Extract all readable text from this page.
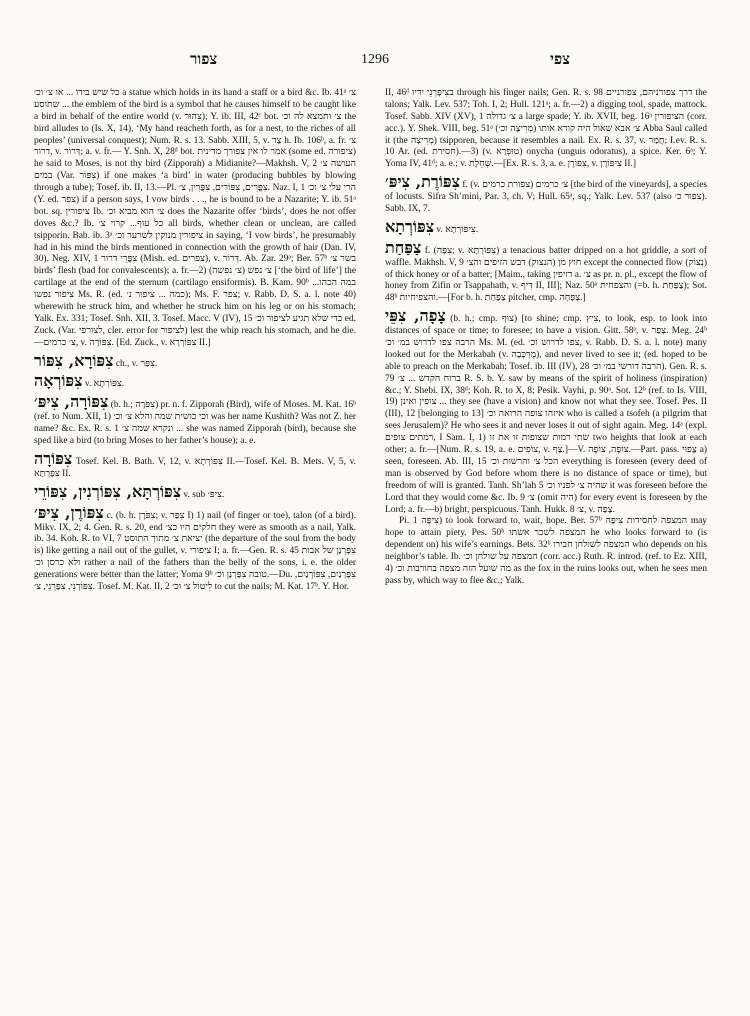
צפור	1296	צפי

כל שיש בידו ... או צ׳ וכ׳ a statue which holds in its hand a staff or a bird &c. Ib. 41ᵃ צ׳ שתוסע ... the emblem of the bird is a symbol that he causes himself to be caught like a bird in behalf of the entire world (v. צֵהוּר); Y. ib. III, 42ᶜ bot. צ׳ ותמצא לה וכ׳ the bird alludes to (Is. X, 14), ‘My hand reacheth forth, as for a nest, to the riches of all peoples’ (universal conquest); Num. R. s. 13. Sabb. XIII, 5, v. צַד h. Ib. 106ᵇ, a. fr. צ׳ דרור, v. דְּרוֹר; a. v. fr.— Y. Snh. X, 28ᵈ bot. אמר לו אין צפורך מדינית (some ed. ציפורה) he said to Moses, is not thy bird (Zipporah) a Midianite?—Makhsh. V, 2 העושה צ׳ במים (Var. צִפּוֹר) if one makes ‘a bird’ in water (producing bubbles by blowing through a tube); Tosef. ib. II, 13.—Pl. צִפֳּרִים, צִפּוֹרִים, צִפֳּרִין, צ׳. Naz. I, 1 הרי עלי צ׳ וכ׳ (Y. ed. צפר) if a person says, I vow birds . . ., he is bound to be a Nazarite; Y. ib. 51ᵃ bot. sq. ציפורין Ib. צ׳ הוא מביא וכ׳ does the Nazarite offer ‘birds’, does he not offer doves &c.? Ib. כל עוף... קרוי צ׳ all birds, whether clean or unclean, are called tsipporin. Bab. ib. 3ᵃ ציפורין מנוקין לשרער וכ׳ in saying, ‘I vow birds’, he presumably had in his mind the birds mentioned in connection with the growth of hair (Dan. IV, 30). Neg. XIV, 1 צִפֳּרֵי דרור (Mish. ed. צפרים), v. דְּרוֹר. Ab. Zar. 29ᵃ; Ber. 57ᵇ בשר צ׳ birds’ flesh (bad for convalescents); a. fr.—2) צ׳ נפש (צ׳ נפשה) [‘the bird of life’] the cartilage at the end of the sternum (cartilago ensiformis). B. Kam. 90ᵇ במה הכהו... ציפור נפשו Ms. R. (ed. כמה ... ציפור נ׳); Ms. F. צפר; v. Rabb. D. S. a. l. note 40) wherewith he struck him, and whether he struck him on his leg or on his stomach; Yalk. Ex. 331; Tosef. Snh. XII, 3. Tosef. Macc. V (IV), 15 כדי שלא תגיע לציפור וכ׳ ed. Zuck. (Var. לצורפי, cler. error for לציפור) lest the whip reach his stomach, and he die.—צ׳ כרמים, v. צִפּוֹרָה. [Ed. Zuck., v. צִפּוֹרְרָא II.]

צִפּוֹרָא, צִפּוֹר ch., v. צִפַּר.

צִפּוֹרְאָה v. צִפּוֹרְתָא.

צִפּוֹרָה, צִיפּ׳ (b. h.; צִפֹּרָה) pr. n. f. Zipporah (Bird), wife of Moses. M. Kat. 16ᵇ (ref. to Num. XII, 1) וכי כושית שמה והלא צ׳ וכ׳ was her name Kushith? Was not Z. her name? &c. Ex. R. s. 1 ונקרא שמה צ׳ ... she was named Zipporah (bird), because she sped like a bird (to bring Moses to her father’s house); a. e.

צִפּוֹרָה Tosef. Kel. B. Bath. V, 12, v. צִפּוֹרְתָא II.—Tosef. Kel. B. Mets. V, 5, v. צִפָּרְתָּא II.

צִפּוֹרְתָּא, צִפּוֹרְנִין, צִפּוֹרֵי v. sub צִיפּ׳.

צִפּוֹרֶן, צִיפּ׳ c. (b. h. צִפֹּרֶן; v. צִפַּר I) 1) nail (of finger or toe), talon (of a bird). Mikv. IX, 2; 4. Gen. R. s. 20, end חלקים היו כצ׳ they were as smooth as a nail, Yalk. ib. 34. Koh. R. to VI, 7 יציאת צ׳ מתוך התוסט (the departure of the soul from the body is) like getting a nail out of the gullet, v. ציפורי I; a. fr.—Gen. R. s. 45 צִפָּרְנָן של אבות ולא כרסן וכ׳ rather a nail of the fathers than the belly of the sons, i. e. the older generations were better than the latter; Yoma 9ᵇ טובה צִפָּרְנָן וכ׳.—Du. צִפָּרְנַיִם, צִפּוֹרְנַיִם, צִפּוֹרְנֵי, צִפָּרְנֵי, צ׳. Tosef. M. Kat. II, 2 לִיטוֹל צ׳ וכ׳ to cut the nails; M. Kat. 17ᵇ. Y. Hor.

II, 46ᵈ בצִיפָּרְנֵי ידיו through his finger nails; Gen. R. s. 98 דרך צפורניהם, צפורניים the talons; Yalk. Lev. 537; Toh. I, 2; Hull. 121ᵃ; a. fr.—2) a digging tool, spade, mattock. Tosef. Sabb. XIV (XV), 1 צ׳ גדולה a large spade; Y. ib. XVII, beg. 16ᵃ הציפורין (corr. acc.). Y. Shek. VIII, beg. 51ᵃ צ׳ אבא שאול היה קורא אותו (מְרִיצָה וכ׳) Abba Saul called it (the מְרִיצָה) tsipporen, because it resembles a nail. Ex. R. s. 37, v. חֲמַר; Lev. R. s. 10 Ar. (ed. חסירת).—3) (v. טוּפְרָא) onycha (unguis odoratus), a spice. Ker. 6ᵃ; Y. Yoma IV, 41ᵈ; a. e.; v. שְׁחֵלֶת.—[Ex. R. s. 3, a. e. צִפּוֹרֶן, v. צִיפּוֹרֶן II.]

צִפּוֹרֶת, צִיפּ׳ f. (v. צפורת כרמים) צ׳ כרמים [the bird of the vineyards], a species of locusts. Sifra Sh’mini, Par. 3, ch. V; Hull. 65ᵃ, sq.; Yalk. Lev. 537 (also צפור כ׳). Sabb. IX, 7.

צִפּוֹרְתָא v. צִיפּוֹרְתָא.

צַפַּחַת f. (צִפָּה; v. צִפּוֹרְתָא) a tenacious batter dripped on a hot griddle, a sort of waffle. Makhsh. V, 9 חוץ מן (הנצוק) דבש הזיפים והצ׳ except the connected flow (נְצוֹק) of thick honey or of a batter; [Maim., taking דזיפין a. צ׳ as pr. n. pl., except the flow of honey from Zifin or Tsappahath, v. דִּיף II, III]; Naz. 50ᵃ והצפחית (=b. h. צַפַּחַת); Sot. 48ᵇ והצפיחיות.—[For b. h. צַפַּחַת pitcher, cmp. צַפְּחָה.]

צָפָה, צִפֵּי (b. h.; cmp. צוּף) [to shine; cmp. צִיץ, to look, esp. to look into distances of space or time; to foresee; to have a vision. Gitt. 58ᵃ, v. צָפַר. Meg. 24ᵇ הרבה צפו לדרוש במ׳ וכ׳ Ms. M. (ed. צפו לדרוש וכ׳, v. Rabb. D. S. a. l. note) many looked out for the Merkabah (v. מֶרְכָּבָה), and never lived to see it; (ed. hoped to be able to preach on the Merkabah; Tosef. ib. III (IV), 28 הרבה דורשי במ׳ וכ׳). Gen. R. s. 79 ברוח הקדש ... צ׳ R. S. b. Y. saw by means of the spirit of holiness (inspiration) &c.; Y. Shebi. IX, 38ᵈ; Koh. R. to X, 8; Pesik. Vayhi, p. 90ᵃ. Sot. 12ᵇ (ref. to Is. VIII, 19) צופין ואינן ... they see (have a vision) and know not what they see. Tosef. Pes. II (III), 12 [belonging to 13] איזהו צופה הרואה וכ׳ who is called a tsofeh (a pilgrim that sees Jerusalem)? He who sees it and never loses it out of sight again. Meg. 14ᵃ (expl. רמתים צופים, I Sam. I, 1) שתי רמות שצופות זו את זו two heights that look at each other; a. fr.—[Num. R. s. 19, a. e. צוֹפִים, v. צַף.]—V. צוֹפָה, צוֹפֶה.—Part. pass. צָפוּי a) seen, foreseen. Ab. III, 15 הכל צ׳ והרשות וכ׳ everything is foreseen (every deed of man is observed by God before whom there is no distance of space or time), but freedom of will is granted. Tanh. Sh’lah 5 שהיה צ׳ לפניו וכ׳ it was foreseen before the Lord that they would come &c. Ib. 9 צ׳ (omit היה) for every event is foreseen by the Lord; a. fr.—b) bright, perspicuous. Tanh. Hukk. 8 צ׳, v. צָפָה.

Pi. צִיפָּה 1) to look forward to, wait, hope. Ber. 57ᵇ המצפה לחסידות צִיפָּה may hope to attain piety. Pes. 50ᵇ המצפה לשכר אשתו he who looks forward to (is dependent on) his wife’s earnings. Bets. 32ᵇ המצפה לשולחן חבירו who depends on his neighbor’s table. Ib. המצפה על שולחן וכ׳ (corr. acc.) Ruth. R. introd. (ref. to Ez. XIII, 4) מה שועל הזה מצפה בחורבות וכ׳ as the fox in the ruins looks out, when he sees men pass by, which way to flee &c.; Yalk.
